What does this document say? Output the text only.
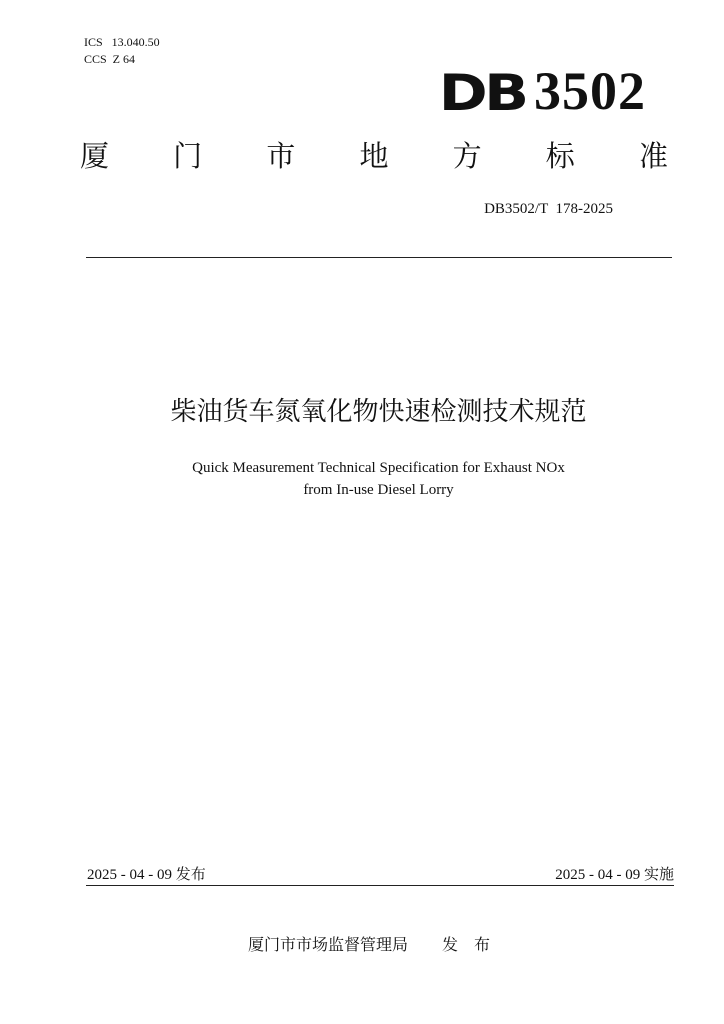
ICS   13.040.50
CCS  Z 64
DB 3502
厦 门 市 地 方 标 准
DB3502/T  178-2025
柴油货车氮氧化物快速检测技术规范
Quick Measurement Technical Specification for Exhaust NOx
from In-use Diesel Lorry
2025 - 04 - 09 发布	2025 - 04 - 09 实施
厦门市市场监督管理局 发 布
